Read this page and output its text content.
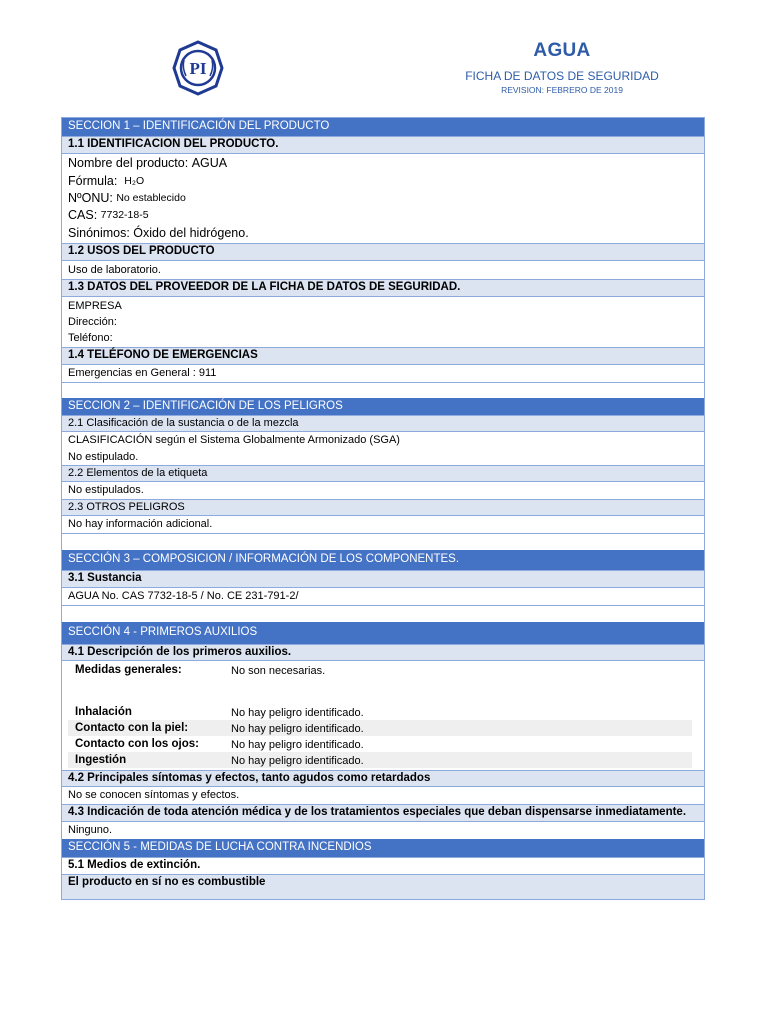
PI
AGUA
FICHA DE DATOS DE SEGURIDAD
REVISION: FEBRERO DE 2019
SECCION 1 – IDENTIFICACIÓN DEL PRODUCTO
1.1 IDENTIFICACION DEL PRODUCTO.
Nombre del producto:
AGUA
Fórmula:
H₂O
NºONU:
No establecido
CAS:
7732-18-5
Sinónimos: Óxido del hidrógeno.
1.2 USOS DEL PRODUCTO
Uso de laboratorio.
1.3 DATOS DEL PROVEEDOR DE LA FICHA DE DATOS DE SEGURIDAD.
EMPRESA
Dirección:
Teléfono:
1.4 TELÉFONO DE EMERGENCIAS
Emergencias en General : 911
SECCION 2 – IDENTIFICACIÓN DE LOS PELIGROS
2.1 Clasificación de la sustancia o de la mezcla
CLASIFICACIÓN según el Sistema Globalmente Armonizado (SGA)
No estipulado.
2.2 Elementos de la etiqueta
No estipulados.
2.3 OTROS PELIGROS
No hay información adicional.
SECCIÓN 3 – COMPOSICION / INFORMACIÓN DE LOS COMPONENTES.
3.1 Sustancia
AGUA No. CAS 7732-18-5 / No. CE 231-791-2/
SECCIÓN 4 - PRIMEROS AUXILIOS
4.1 Descripción de los primeros auxilios.
Medidas generales:	No son necesarias.
Inhalación	No hay peligro identificado.
Contacto con la piel:	No hay peligro identificado.
Contacto con los ojos:	No hay peligro identificado.
Ingestión	No hay peligro identificado.
4.2 Principales síntomas y efectos, tanto agudos como retardados
No se conocen síntomas y efectos.
4.3 Indicación de toda atención médica y de los tratamientos especiales que deban dispensarse inmediatamente.
Ninguno.
SECCIÓN 5 - MEDIDAS DE LUCHA CONTRA INCENDIOS
5.1 Medios de extinción.
El producto en sí no es combustible
